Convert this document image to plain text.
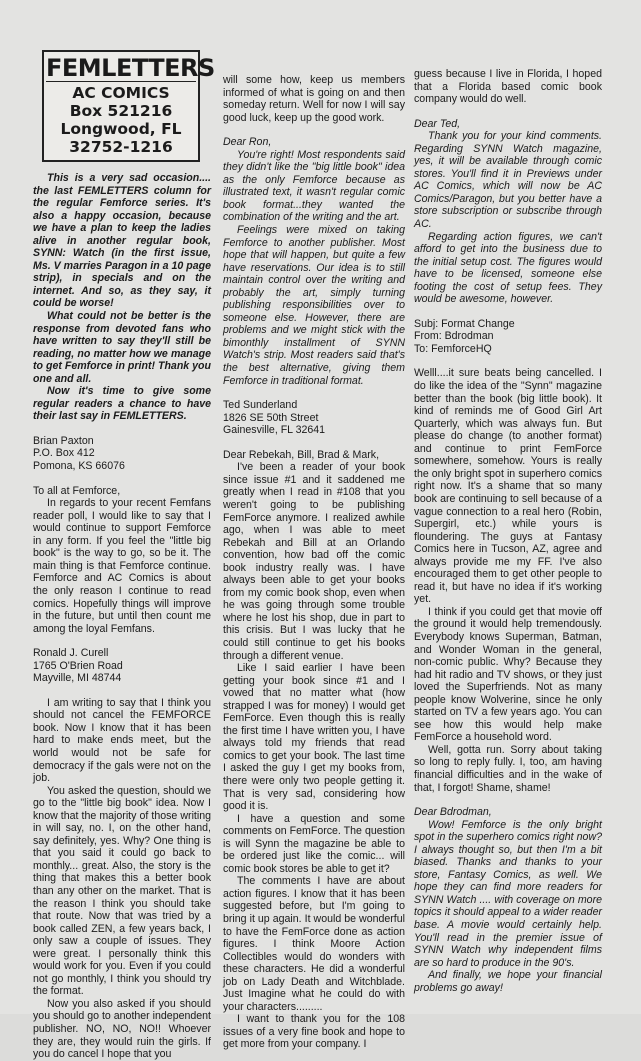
FEMLETTERS
AC COMICS
Box 521216
Longwood, FL
32752-1216

This is a very sad occasion.... the last FEMLETTERS column for the regular Femforce series. It's also a happy occasion, because we have a plan to keep the ladies alive in another regular book, SYNN: Watch (in the first issue, Ms. V marries Paragon in a 10 page strip), in specials and on the internet. And so, as they say, it could be worse!

What could not be better is the response from devoted fans who have written to say they'll still be reading, no matter how we manage to get Femforce in print! Thank you one and all.

Now it's time to give some regular readers a chance to have their last say in FEMLETTERS.

Brian Paxton

P.O. Box 412

Pomona, KS 66076

To all at Femforce,

In regards to your recent Femfans reader poll, I would like to say that I would continue to support Femforce in any form. If you feel the "little big book" is the way to go, so be it. The main thing is that Femforce continue. Femforce and AC Comics is about the only reason I continue to read comics. Hopefully things will improve in the future, but until then count me among the loyal Femfans.

Ronald J. Curell

1765 O'Brien Road

Mayville, MI 48744

I am writing to say that I think you should not cancel the FEMFORCE book. Now I know that it has been hard to make ends meet, but the world would not be safe for democracy if the gals were not on the job.

You asked the question, should we go to the "little big book" idea. Now I know that the majority of those writing in will say, no. I, on the other hand, say definitely, yes. Why? One thing is that you said it could go back to monthly... great. Also, the story is the thing that makes this a better book than any other on the market. That is the reason I think you should take that route. Now that was tried by a book called ZEN, a few years back, I only saw a couple of issues. They were great. I personally think this would work for you. Even if you could not go monthly, I think you should try the format.

Now you also asked if you should you should go to another independent publisher. NO, NO, NO!! Whoever they are, they would ruin the girls. If you do cancel I hope that you

will some how, keep us members informed of what is going on and then someday return. Well for now I will say good luck, keep up the good work.

Dear Ron,

You're right! Most respondents said they didn't like the "big little book" idea as the only Femforce because as illustrated text, it wasn't regular comic book format...they wanted the combination of the writing and the art.

Feelings were mixed on taking Femforce to another publisher. Most hope that will happen, but quite a few have reservations. Our idea is to still maintain control over the writing and probably the art, simply turning publishing responsibilities over to someone else. However, there are problems and we might stick with the bimonthly installment of SYNN Watch's strip. Most readers said that's the best alternative, giving them Femforce in traditional format.

Ted Sunderland

1826 SE 50th Street

Gainesville, FL 32641

Dear Rebekah, Bill, Brad & Mark,

I've been a reader of your book since issue #1 and it saddened me greatly when I read in #108 that you weren't going to be publishing FemForce anymore. I realized awhile ago, when I was able to meet Rebekah and Bill at an Orlando convention, how bad off the comic book industry really was. I have always been able to get your books from my comic book shop, even when he was going through some trouble where he lost his shop, due in part to this crisis. But I was lucky that he could still continue to get his books through a different venue.

Like I said earlier I have been getting your book since #1 and I vowed that no matter what (how strapped I was for money) I would get FemForce. Even though this is really the first time I have written you, I have always told my friends that read comics to get your book. The last time I asked the guy I get my books from, there were only two people getting it. That is very sad, considering how good it is.

I have a question and some comments on FemForce. The question is will Synn the magazine be able to be ordered just like the comic... will comic book stores be able to get it?

The comments I have are about action figures. I know that it has been suggested before, but I'm going to bring it up again. It would be wonderful to have the FemForce done as action figures. I think Moore Action Collectibles would do wonders with these characters. He did a wonderful job on Lady Death and Witchblade. Just Imagine what he could do with your characters.........

I want to thank you for the 108 issues of a very fine book and hope to get more from your company. I

guess because I live in Florida, I hoped that a Florida based comic book company would do well.

Dear Ted,

Thank you for your kind comments. Regarding SYNN Watch magazine, yes, it will be available through comic stores. You'll find it in Previews under AC Comics, which will now be AC Comics/Paragon, but you better have a store subscription or subscribe through AC.

Regarding action figures, we can't afford to get into the business due to the initial setup cost. The figures would have to be licensed, someone else footing the cost of setup fees. They would be awesome, however.

Subj: Format Change

From: Bdrodman

To: FemforceHQ

Welll....it sure beats being cancelled. I do like the idea of the "Synn" magazine better than the book (big little book). It kind of reminds me of Good Girl Art Quarterly, which was always fun. But please do change (to another format) and continue to print FemForce somewhere, somehow. Yours is really the only bright spot in superhero comics right now. It's a shame that so many book are continuing to sell because of a vague connection to a real hero (Robin, Supergirl, etc.) while yours is floundering. The guys at Fantasy Comics here in Tucson, AZ, agree and always provide me my FF. I've also encouraged them to get other people to read it, but have no idea if it's working yet.

I think if you could get that movie off the ground it would help tremendously. Everybody knows Superman, Batman, and Wonder Woman in the general, non-comic public. Why? Because they had hit radio and TV shows, or they just loved the Superfriends. Not as many people know Wolverine, since he only started on TV a few years ago. You can see how this would help make FemForce a household word.

Well, gotta run. Sorry about taking so long to reply fully. I, too, am having financial difficulties and in the wake of that, I forgot! Shame, shame!

Dear Bdrodman,

Wow! Femforce is the only bright spot in the superhero comics right now? I always thought so, but then I'm a bit biased. Thanks and thanks to your store, Fantasy Comics, as well. We hope they can find more readers for SYNN Watch .... with coverage on more topics it should appeal to a wider reader base. A movie would certainly help. You'll read in the premier issue of SYNN Watch why independent films are so hard to produce in the 90's.

And finally, we hope your financial problems go away!
